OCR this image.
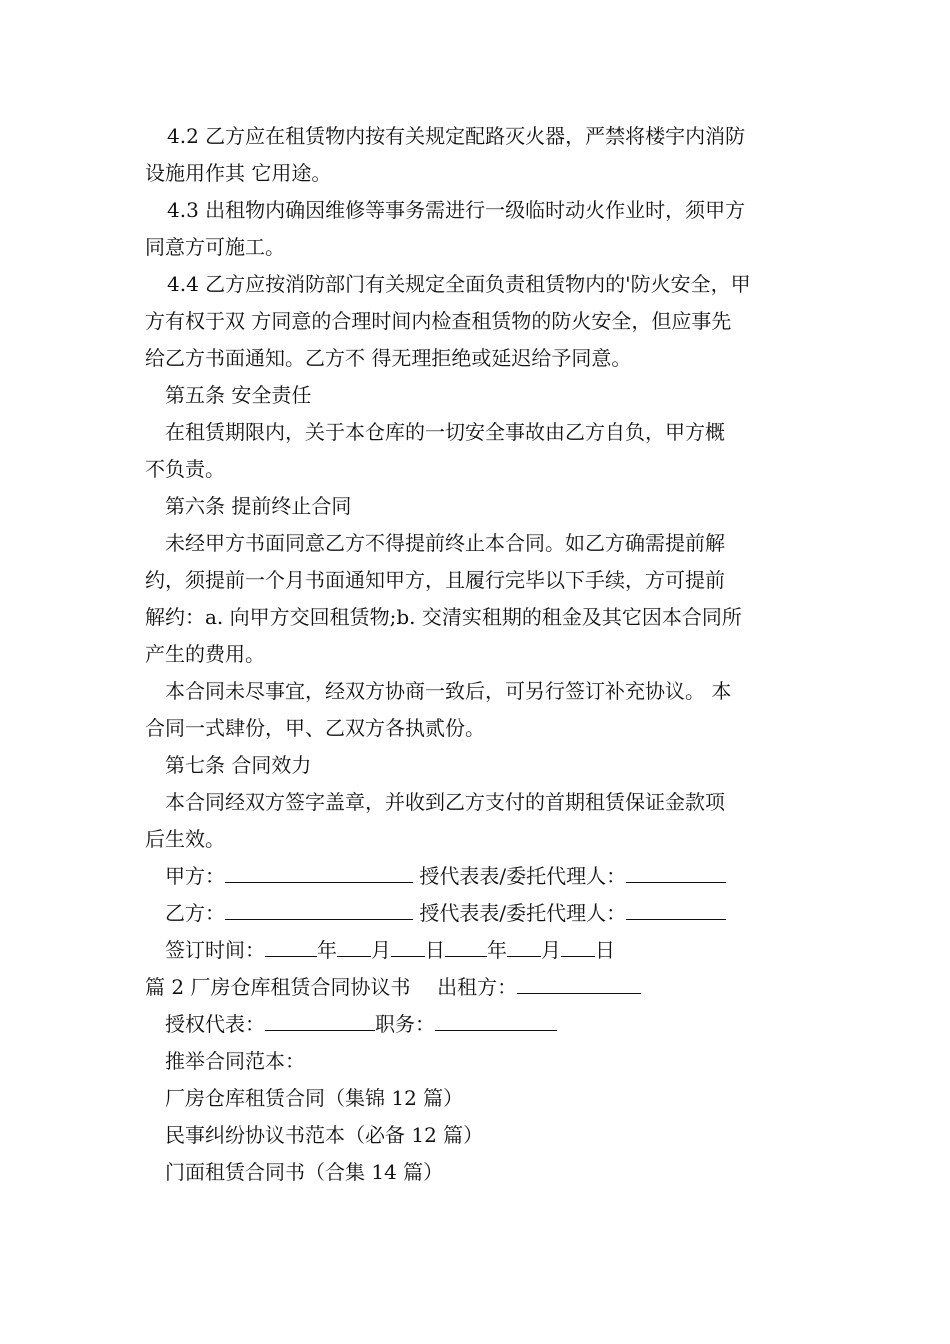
4.2 乙方应在租赁物内按有关规定配路灭火器，严禁将楼宇内消防
设施用作其 它用途。
4.3 出租物内确因维修等事务需进行一级临时动火作业时，须甲方
同意方可施工。
4.4 乙方应按消防部门有关规定全面负责租赁物内的'防火安全，甲
方有权于双 方同意的合理时间内检查租赁物的防火安全，但应事先
给乙方书面通知。乙方不 得无理拒绝或延迟给予同意。
第五条 安全责任
在租赁期限内，关于本仓库的一切安全事故由乙方自负，甲方概
不负责。
第六条 提前终止合同
未经甲方书面同意乙方不得提前终止本合同。如乙方确需提前解
约，须提前一个月书面通知甲方，且履行完毕以下手续，方可提前
解约：a. 向甲方交回租赁物;b. 交清实租期的租金及其它因本合同所
产生的费用。
本合同未尽事宜，经双方协商一致后，可另行签订补充协议。 本
合同一式肆份，甲、乙双方各执贰份。
第七条 合同效力
本合同经双方签字盖章，并收到乙方支付的首期租赁保证金款项
后生效。
甲方：	授代表表/委托代理人：
乙方：	授代表表/委托代理人：
签订时间：	年 月 日 年 月 日
篇 2 厂房仓库租赁合同协议书 出租方：
授权代表：	职务：
推举合同范本：
厂房仓库租赁合同（集锦 12 篇）
民事纠纷协议书范本（必备 12 篇）
门面租赁合同书（合集 14 篇）
